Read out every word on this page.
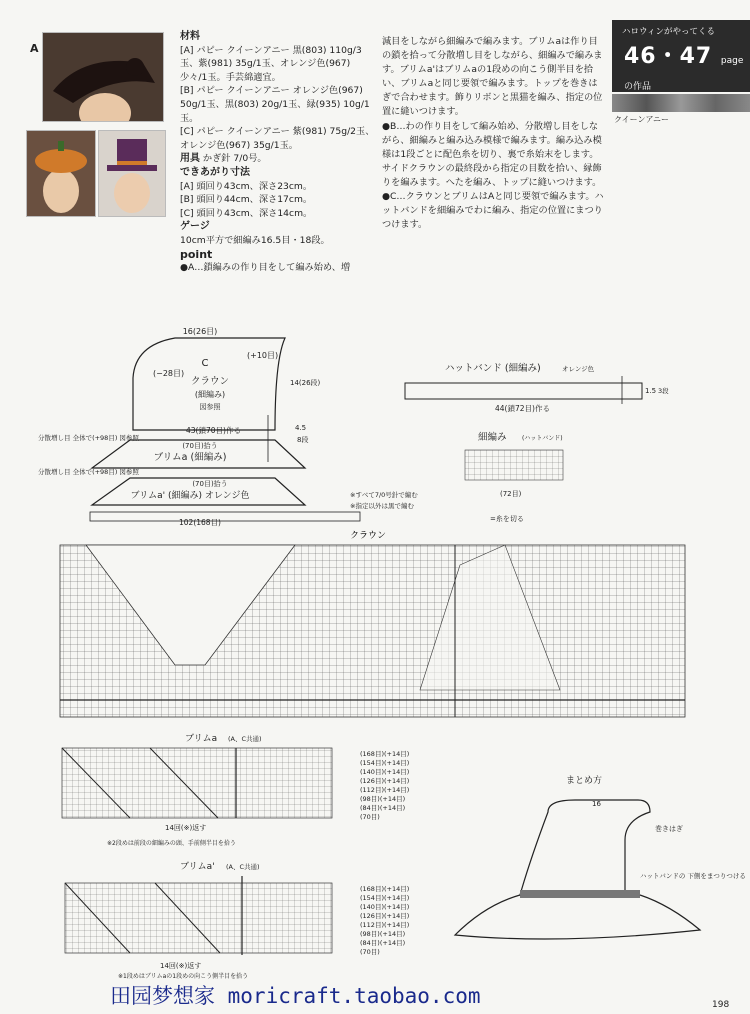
A
材料
[A] パピー クイーンアニー 黒(803) 110g/3玉、紫(981) 35g/1玉、オレンジ色(967) 少々/1玉。手芸綿適宜。
[B] パピー クイーンアニー オレンジ色(967) 50g/1玉、黒(803) 20g/1玉、緑(935) 10g/1玉。
[C] パピー クイーンアニー 紫(981) 75g/2玉、オレンジ色(967) 35g/1玉。
用具 かぎ針 7/0号。
できあがり寸法
[A] 頭回り43cm、深さ23cm。
[B] 頭回り44cm、深さ17cm。
[C] 頭回り43cm、深さ14cm。
ゲージ
10cm平方で細編み16.5目・18段。
point
●A…鎖編みの作り目をして編み始め、増
減目をしながら細編みで編みます。ブリムaは作り目の鎖を拾って分散増し目をしながら、細編みで編みます。ブリムa'はブリムaの1段めの向こう側半目を拾い、ブリムaと同じ要領で編みます。トップを巻きはぎで合わせます。飾りリボンと黒猫を編み、指定の位置に縫いつけます。
●B…わの作り目をして編み始め、分散増し目をしながら、細編みと編み込み模様で編みます。編み込み模様は1段ごとに配色糸を切り、裏で糸始末をします。サイドクラウンの最終段から指定の目数を拾い、縁飾りを編みます。へたを編み、トップに縫いつけます。
●C…クラウンとブリムはAと同じ要領で編みます。ハットバンドを細編みでわに編み、指定の位置にまつりつけます。
ハロウィンがやってくる
46・47 page の作品
クイーンアニー
C
クラウン
(細編み)
図参照
16(26目)
(+10目)
(−28目)
14(26段)
43(鎖70目)作る	4.5
8段
(70目)拾う
ブリムa (細編み)
(70目)拾う
ブリムa' (細編み) オレンジ色
分散増し目 全体で(+98目) 図参照
分散増し目 全体で(+98目) 図参照
102(168目)
※すべて7/0号針で編む
※指定以外は黒で編む
ハットバンド (細編み)	オレンジ色
1.5 3段
44(鎖72目)作る
細編み	(ハットバンド)
(72目)
=糸を切る
クラウン
ブリムa (A、C共通)
14回(※)返す
※2段めは前段の細編みの頭、手前側半目を拾う
(168目)(+14目)
(154目)(+14目)
(140目)(+14目)
(126目)(+14目)
(112目)(+14目)
(98目)(+14目)
(84目)(+14目)
(70目)
ブリムa' (A、C共通)
14回(※)返す
※1段めはブリムaの1段めの向こう側半目を拾う
(168目)(+14目)
(154目)(+14目)
(140目)(+14目)
(126目)(+14目)
(112目)(+14目)
(98目)(+14目)
(84目)(+14目)
(70目)
まとめ方
16
巻きはぎ
ハットバンドの 下側をまつりつける
田园梦想家 moricraft.taobao.com	198
